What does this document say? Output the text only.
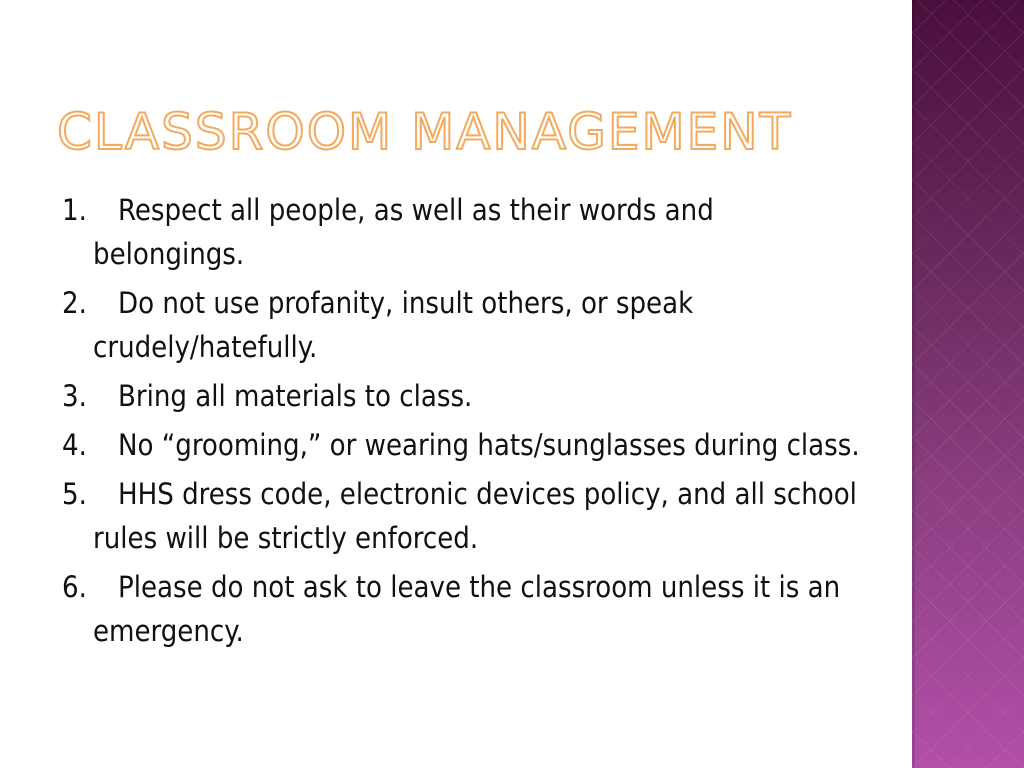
CLASSROOM MANAGEMENT
1. Respect all people, as well as their words and belongings.
2. Do not use profanity, insult others, or speak crudely/hatefully.
3. Bring all materials to class.
4. No “grooming,” or wearing hats/sunglasses during class.
5. HHS dress code, electronic devices policy, and all school rules will be strictly enforced.
6. Please do not ask to leave the classroom unless it is an emergency.
